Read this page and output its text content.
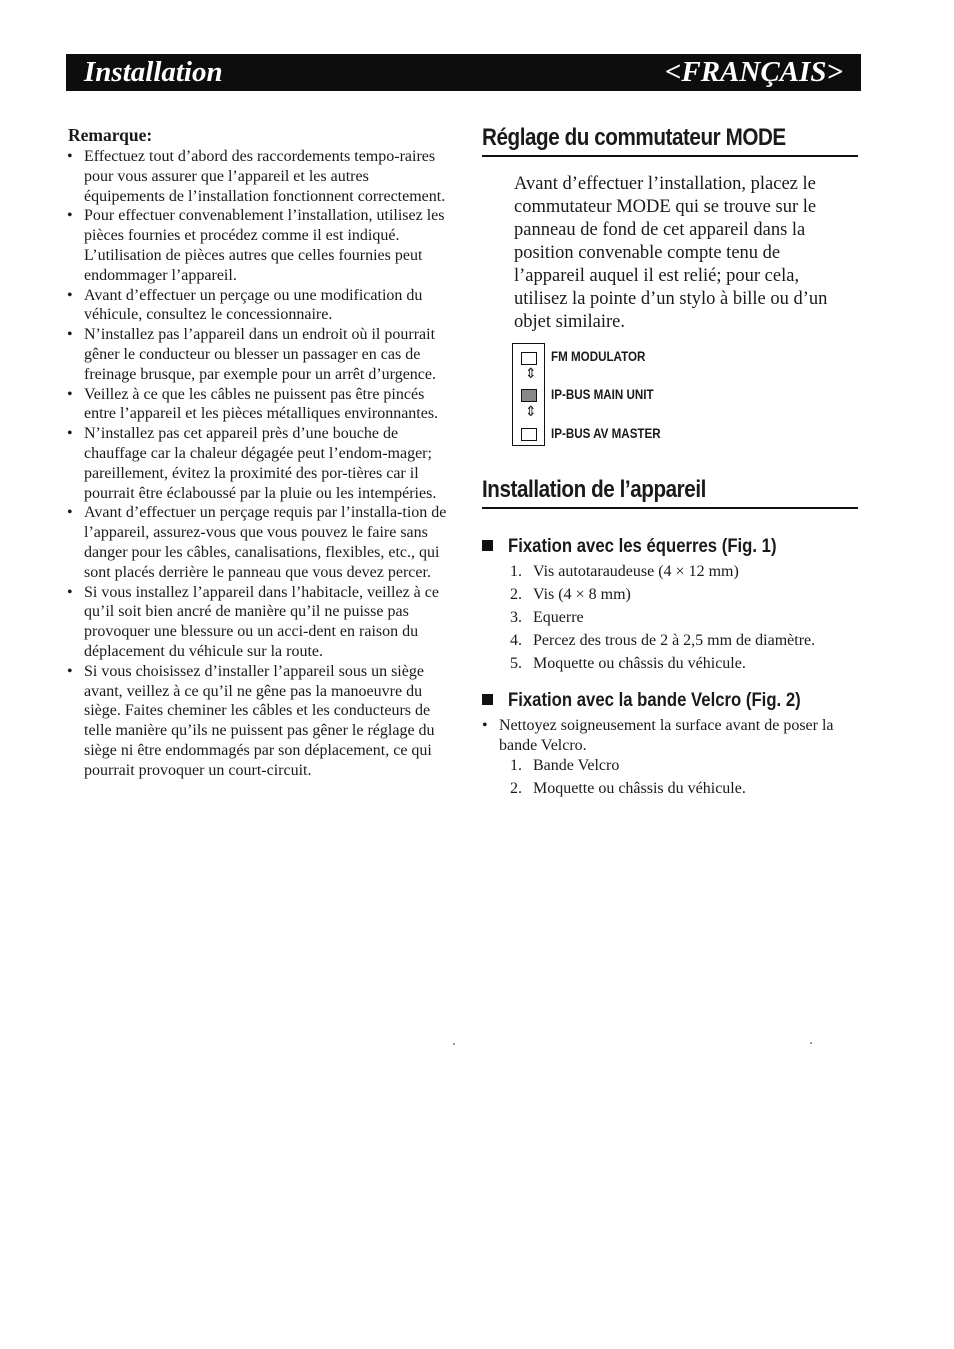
Installation	<FRANÇAIS>
Remarque:
• Effectuez tout d’abord des raccordements tempo-raires pour vous assurer que l’appareil et les autres équipements de l’installation fonctionnent correctement.
• Pour effectuer convenablement l’installation, utilisez les pièces fournies et procédez comme il est indiqué. L’utilisation de pièces autres que celles fournies peut endommager l’appareil.
• Avant d’effectuer un perçage ou une modification du véhicule, consultez le concessionnaire.
• N’installez pas l’appareil dans un endroit où il pourrait gêner le conducteur ou blesser un passager en cas de freinage brusque, par exemple pour un arrêt d’urgence.
• Veillez à ce que les câbles ne puissent pas être pincés entre l’appareil et les pièces métalliques environnantes.
• N’installez pas cet appareil près d’une bouche de chauffage car la chaleur dégagée peut l’endom-mager; pareillement, évitez la proximité des por-tières car il pourrait être éclaboussé par la pluie ou les intempéries.
• Avant d’effectuer un perçage requis par l’installa-tion de l’appareil, assurez-vous que vous pouvez le faire sans danger pour les câbles, canalisations, flexibles, etc., qui sont placés derrière le panneau que vous devez percer.
• Si vous installez l’appareil dans l’habitacle, veillez à ce qu’il soit bien ancré de manière qu’il ne puisse pas provoquer une blessure ou un acci-dent en raison du déplacement du véhicule sur la route.
• Si vous choisissez d’installer l’appareil sous un siège avant, veillez à ce qu’il ne gêne pas la manoeuvre du siège. Faites cheminer les câbles et les conducteurs de telle manière qu’ils ne puissent pas gêner le réglage du siège ni être endommagés par son déplacement, ce qui pourrait provoquer un court-circuit.
Réglage du commutateur MODE
Avant d’effectuer l’installation, placez le commutateur MODE qui se trouve sur le panneau de fond de cet appareil dans la position convenable compte tenu de l’appareil auquel il est relié; pour cela, utilisez la pointe d’un stylo à bille ou d’un objet similaire.
⇕
⇕
FM MODULATOR
IP-BUS MAIN UNIT
IP-BUS AV MASTER
Installation de l’appareil
Fixation avec les équerres (Fig. 1)
1. Vis autotaraudeuse (4 × 12 mm)
2. Vis (4 × 8 mm)
3. Equerre
4. Percez des trous de 2 à 2,5 mm de diamètre.
5. Moquette ou châssis du véhicule.
Fixation avec la bande Velcro (Fig. 2)
• Nettoyez soigneusement la surface avant de poser la bande Velcro.
1. Bande Velcro
2. Moquette ou châssis du véhicule.
